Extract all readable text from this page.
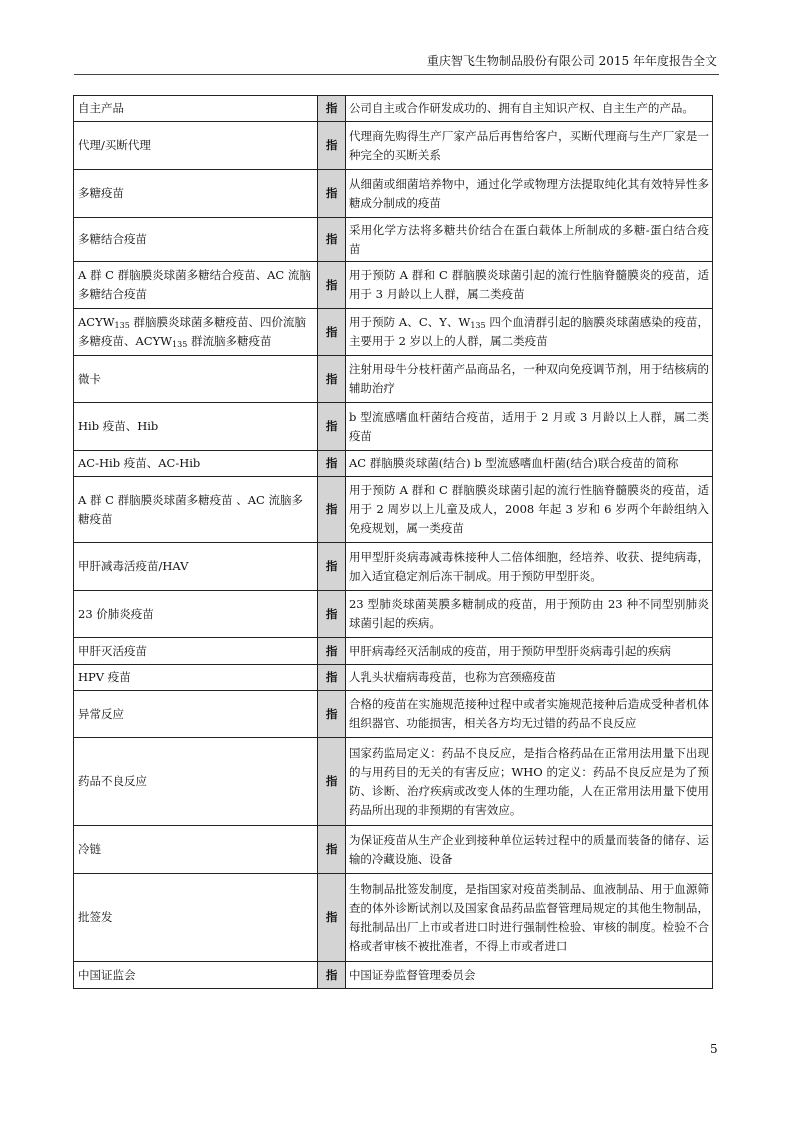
重庆智飞生物制品股份有限公司 2015 年年度报告全文
自主产品	指	公司自主或合作研发成功的、拥有自主知识产权、自主生产的产品。
代理/买断代理	指	代理商先购得生产厂家产品后再售给客户，买断代理商与生产厂家是一种完全的买断关系
多糖疫苗	指	从细菌或细菌培养物中，通过化学或物理方法提取纯化其有效特异性多糖成分制成的疫苗
多糖结合疫苗	指	采用化学方法将多糖共价结合在蛋白载体上所制成的多糖-蛋白结合疫苗
A 群 C 群脑膜炎球菌多糖结合疫苗、AC 流脑多糖结合疫苗	指	用于预防 A 群和 C 群脑膜炎球菌引起的流行性脑脊髓膜炎的疫苗，适用于 3 月龄以上人群，属二类疫苗
$ACYW_{135}$ 群脑膜炎球菌多糖疫苗、四价流脑多糖疫苗、$ACYW_{135}$ 群流脑多糖疫苗	指	用于预防 A、C、Y、$W_{135}$ 四个血清群引起的脑膜炎球菌感染的疫苗，主要用于 2 岁以上的人群，属二类疫苗
微卡	指	注射用母牛分枝杆菌产品商品名，一种双向免疫调节剂，用于结核病的辅助治疗
Hib 疫苗、Hib	指	b 型流感嗜血杆菌结合疫苗，适用于 2 月或 3 月龄以上人群，属二类疫苗
AC-Hib 疫苗、AC-Hib	指	AC 群脑膜炎球菌(结合) b 型流感嗜血杆菌(结合)联合疫苗的简称
A 群 C 群脑膜炎球菌多糖疫苗 、AC 流脑多糖疫苗	指	用于预防 A 群和 C 群脑膜炎球菌引起的流行性脑脊髓膜炎的疫苗，适用于 2 周岁以上儿童及成人，2008 年起 3 岁和 6 岁两个年龄组纳入免疫规划，属一类疫苗
甲肝减毒活疫苗/HAV	指	用甲型肝炎病毒减毒株接种人二倍体细胞，经培养、收获、提纯病毒，加入适宜稳定剂后冻干制成。用于预防甲型肝炎。
23 价肺炎疫苗	指	23 型肺炎球菌荚膜多糖制成的疫苗，用于预防由 23 种不同型别肺炎球菌引起的疾病。
甲肝灭活疫苗	指	甲肝病毒经灭活制成的疫苗，用于预防甲型肝炎病毒引起的疾病
HPV 疫苗	指	人乳头状瘤病毒疫苗，也称为宫颈癌疫苗
异常反应	指	合格的疫苗在实施规范接种过程中或者实施规范接种后造成受种者机体组织器官、功能损害，相关各方均无过错的药品不良反应
药品不良反应	指	国家药监局定义：药品不良反应，是指合格药品在正常用法用量下出现的与用药目的无关的有害反应；WHO 的定义：药品不良反应是为了预防、诊断、治疗疾病或改变人体的生理功能，人在正常用法用量下使用药品所出现的非预期的有害效应。
冷链	指	为保证疫苗从生产企业到接种单位运转过程中的质量而装备的储存、运输的冷藏设施、设备
批签发	指	生物制品批签发制度，是指国家对疫苗类制品、血液制品、用于血源筛查的体外诊断试剂以及国家食品药品监督管理局规定的其他生物制品，每批制品出厂上市或者进口时进行强制性检验、审核的制度。检验不合格或者审核不被批准者，不得上市或者进口
中国证监会	指	中国证券监督管理委员会
5
